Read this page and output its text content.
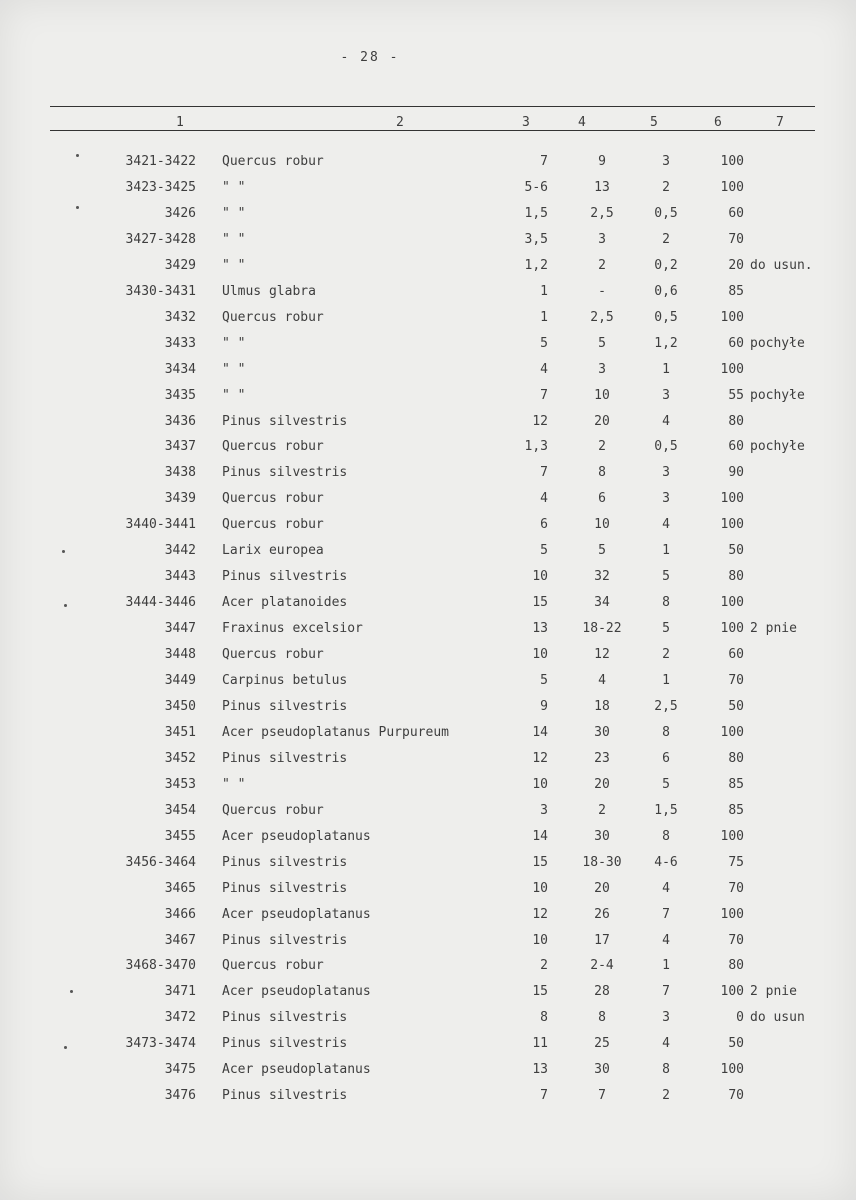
- 28 -
1	2	3	4	5	6	7
3421-3422 Quercus robur	7	9	3	100
3423-3425 " "	5-6	13	2	100
3426 " "	1,5	2,5	0,5	60
3427-3428 " "	3,5	3	2	70
3429 " "	1,2	2	0,2	20 do usun.
3430-3431 Ulmus glabra	1	-	0,6	85
3432 Quercus robur	1	2,5	0,5	100
3433 " "	5	5	1,2	60 pochyłe
3434 " "	4	3	1	100
3435 " "	7	10	3	55 pochyłe
3436 Pinus silvestris	12	20	4	80
3437 Quercus robur	1,3	2	0,5	60 pochyłe
3438 Pinus silvestris	7	8	3	90
3439 Quercus robur	4	6	3	100
3440-3441 Quercus robur	6	10	4	100
3442 Larix europea	5	5	1	50
3443 Pinus silvestris	10	32	5	80
3444-3446 Acer platanoides	15	34	8	100
3447 Fraxinus excelsior	13	18-22	5	100 2 pnie
3448 Quercus robur	10	12	2	60
3449 Carpinus betulus	5	4	1	70
3450 Pinus silvestris	9	18	2,5	50
3451 Acer pseudoplatanus Purpureum	14	30	8	100
3452 Pinus silvestris	12	23	6	80
3453 " "	10	20	5	85
3454 Quercus robur	3	2	1,5	85
3455 Acer pseudoplatanus	14	30	8	100
3456-3464 Pinus silvestris	15	18-30	4-6	75
3465 Pinus silvestris	10	20	4	70
3466 Acer pseudoplatanus	12	26	7	100
3467 Pinus silvestris	10	17	4	70
3468-3470 Quercus robur	2	2-4	1	80
3471 Acer pseudoplatanus	15	28	7	100 2 pnie
3472 Pinus silvestris	8	8	3	0 do usun
3473-3474 Pinus silvestris	11	25	4	50
3475 Acer pseudoplatanus	13	30	8	100
3476 Pinus silvestris	7	7	2	70
